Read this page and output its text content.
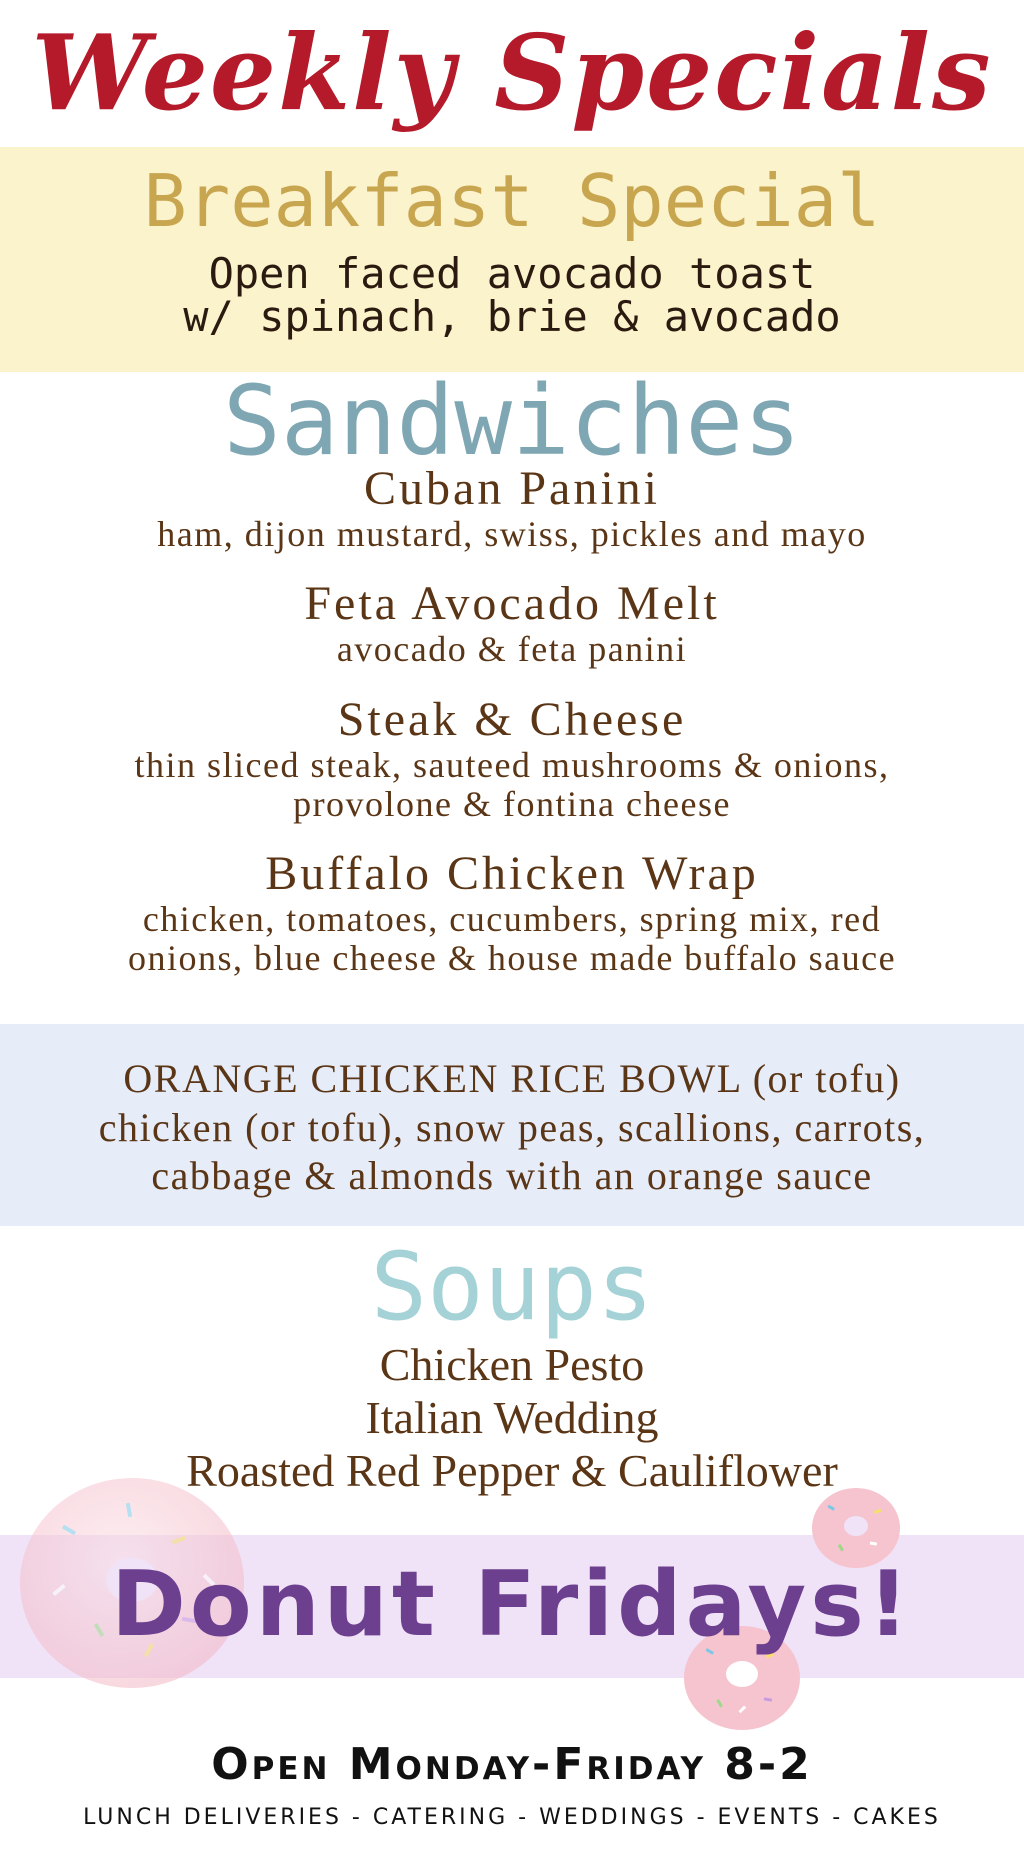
Weekly Specials
Breakfast Special
Open faced avocado toast
w/ spinach, brie & avocado
Sandwiches
Cuban Panini
ham, dijon mustard, swiss, pickles and mayo
Feta Avocado Melt
avocado & feta panini
Steak & Cheese
thin sliced steak, sauteed mushrooms & onions,
provolone & fontina cheese
Buffalo Chicken Wrap
chicken, tomatoes, cucumbers, spring mix, red
onions, blue cheese & house made buffalo sauce
ORANGE CHICKEN RICE BOWL (or tofu)
chicken (or tofu), snow peas, scallions, carrots,
cabbage & almonds with an orange sauce
Soups
Chicken Pesto
Italian Wedding
Roasted Red Pepper & Cauliflower
Donut Fridays!
Open Monday-Friday 8-2
LUNCH DELIVERIES - CATERING - WEDDINGS - EVENTS - CAKES
